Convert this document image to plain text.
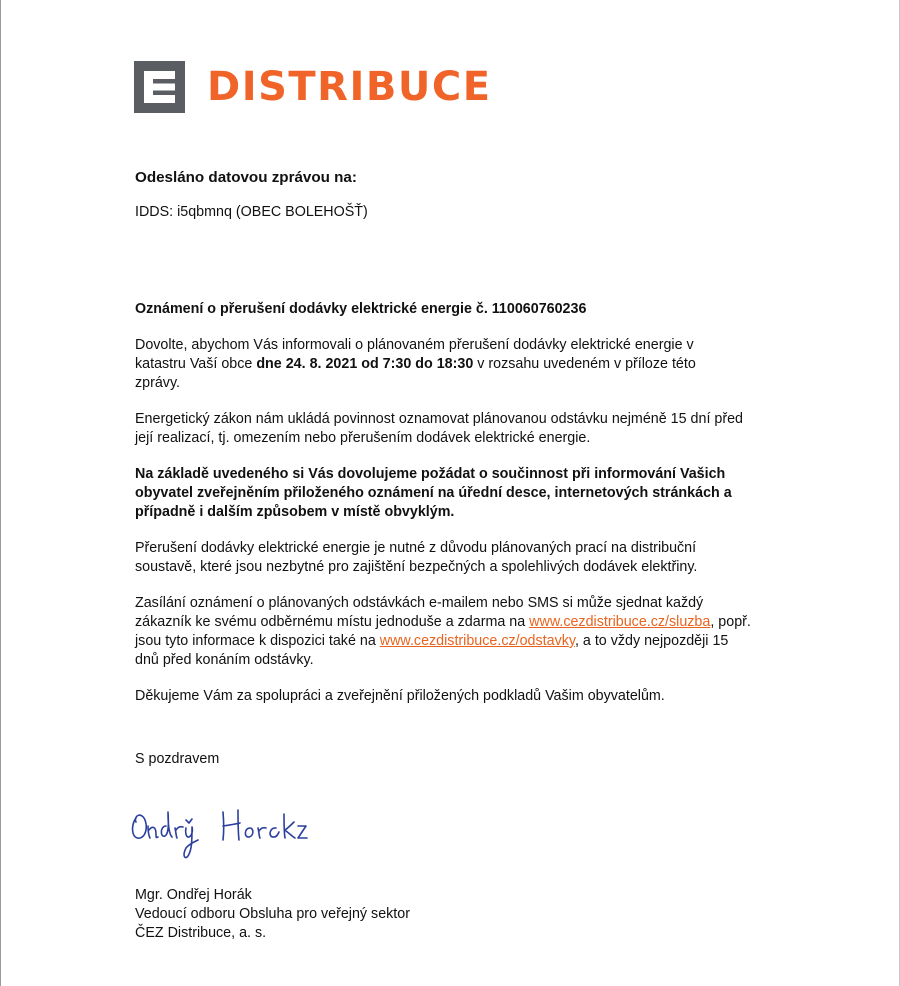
DISTRIBUCE

Odesláno datovou zprávou na:

IDDS: i5qbmnq (OBEC BOLEHOŠŤ)

Oznámení o přerušení dodávky elektrické energie č. 110060760236

Dovolte, abychom Vás informovali o plánovaném přerušení dodávky elektrické energie v katastru Vaší obce dne 24. 8. 2021 od 7:30 do 18:30 v rozsahu uvedeném v příloze této zprávy.

Energetický zákon nám ukládá povinnost oznamovat plánovanou odstávku nejméně 15 dní před její realizací, tj. omezením nebo přerušením dodávek elektrické energie.

Na základě uvedeného si Vás dovolujeme požádat o součinnost při informování Vašich obyvatel zveřejněním přiloženého oznámení na úřední desce, internetových stránkách a případně i dalším způsobem v místě obvyklým.

Přerušení dodávky elektrické energie je nutné z důvodu plánovaných prací na distribuční soustavě, které jsou nezbytné pro zajištění bezpečných a spolehlivých dodávek elektřiny.

Zasílání oznámení o plánovaných odstávkách e-mailem nebo SMS si může sjednat každý zákazník ke svému odběrnému místu jednoduše a zdarma na www.cezdistribuce.cz/sluzba, popř. jsou tyto informace k dispozici také na www.cezdistribuce.cz/odstavky, a to vždy nejpozději 15 dnů před konáním odstávky.

Děkujeme Vám za spolupráci a zveřejnění přiložených podkladů Vašim obyvatelům.

S pozdravem

Mgr. Ondřej Horák
Vedoucí odboru Obsluha pro veřejný sektor
ČEZ Distribuce, a. s.
